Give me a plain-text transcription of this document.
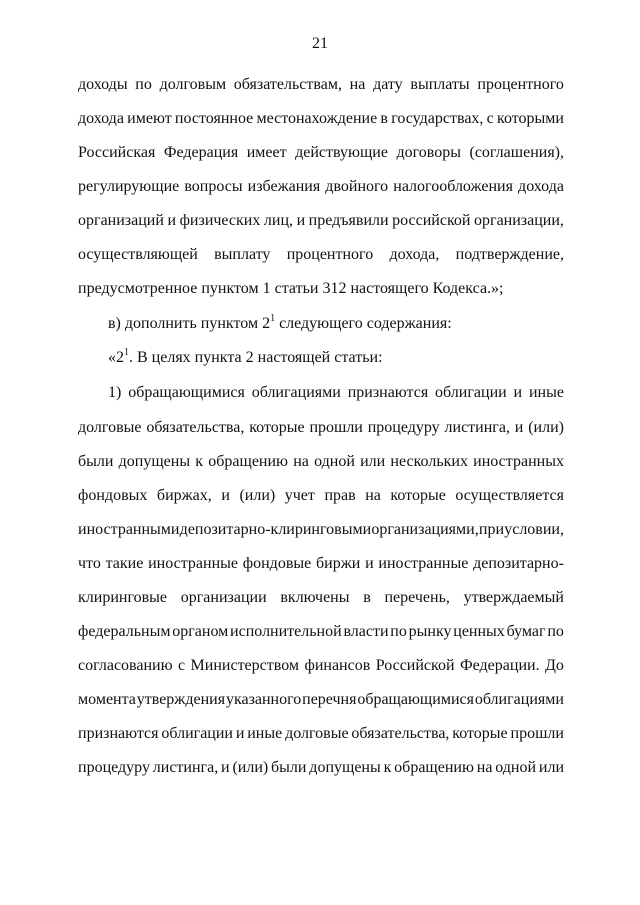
21
доходы по долговым обязательствам, на дату выплаты процентного
дохода имеют постоянное местонахождение в государствах, с которыми
Российская Федерация имеет действующие договоры (соглашения),
регулирующие вопросы избежания двойного налогообложения дохода
организаций и физических лиц, и предъявили российской организации,
осуществляющей выплату процентного дохода, подтверждение,
предусмотренное пунктом 1 статьи 312 настоящего Кодекса.»;
в) дополнить пунктом $2^1$ следующего содержания:
«$2^1$. В целях пункта 2 настоящей статьи:
1) обращающимися облигациями признаются облигации и иные
долговые обязательства, которые прошли процедуру листинга, и (или)
были допущены к обращению на одной или нескольких иностранных
фондовых биржах, и (или) учет прав на которые осуществляется
иностранными депозитарно-клиринговыми организациями, при условии,
что такие иностранные фондовые биржи и иностранные депозитарно-
клиринговые организации включены в перечень, утверждаемый
федеральным органом исполнительной власти по рынку ценных бумаг по
согласованию с Министерством финансов Российской Федерации. До
момента утверждения указанного перечня обращающимися облигациями
признаются облигации и иные долговые обязательства, которые прошли
процедуру листинга, и (или) были допущены к обращению на одной или
